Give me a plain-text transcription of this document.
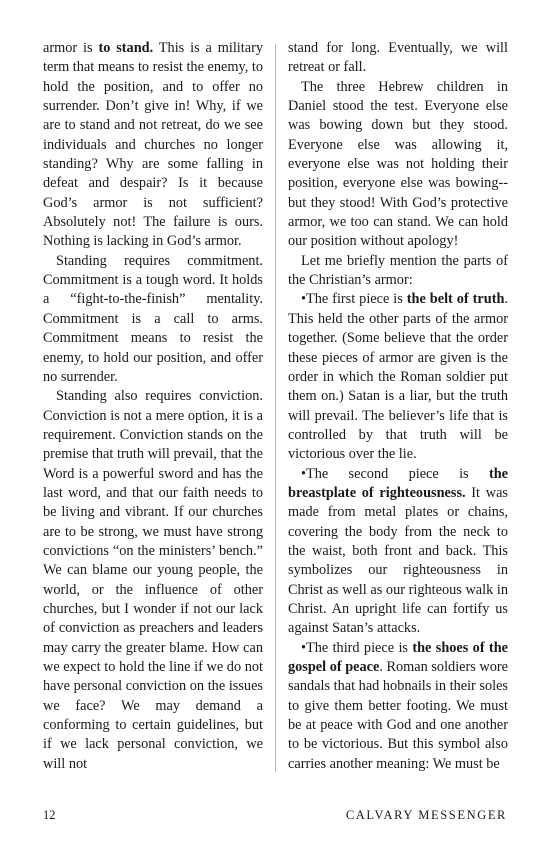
armor is to stand. This is a military term that means to resist the enemy, to hold the position, and to offer no surrender. Don’t give in! Why, if we are to stand and not retreat, do we see individuals and churches no longer standing? Why are some falling in defeat and despair? Is it because God’s armor is not sufficient? Absolutely not! The failure is ours. Nothing is lacking in God’s armor.

Standing requires commitment. Commitment is a tough word. It holds a “fight-to-the-finish” mentality. Commitment is a call to arms. Commitment means to resist the enemy, to hold our position, and offer no surrender.

Standing also requires conviction. Conviction is not a mere option, it is a requirement. Conviction stands on the premise that truth will prevail, that the Word is a powerful sword and has the last word, and that our faith needs to be living and vibrant. If our churches are to be strong, we must have strong convictions “on the ministers’ bench.” We can blame our young people, the world, or the influence of other churches, but I wonder if not our lack of conviction as preachers and leaders may carry the greater blame. How can we expect to hold the line if we do not have personal conviction on the issues we face? We may demand a conforming to certain guidelines, but if we lack personal conviction, we will not

stand for long. Eventually, we will retreat or fall.

The three Hebrew children in Daniel stood the test. Everyone else was bowing down but they stood. Everyone else was allowing it, everyone else was not holding their position, everyone else was bowing-- but they stood! With God’s protective armor, we too can stand. We can hold our position without apology!

Let me briefly mention the parts of the Christian’s armor:

•The first piece is the belt of truth. This held the other parts of the armor together. (Some believe that the order these pieces of armor are given is the order in which the Roman soldier put them on.) Satan is a liar, but the truth will prevail. The believer’s life that is controlled by that truth will be victorious over the lie.

•The second piece is the breastplate of righteousness. It was made from metal plates or chains, covering the body from the neck to the waist, both front and back. This symbolizes our righteousness in Christ as well as our righteous walk in Christ. An upright life can fortify us against Satan’s attacks.

•The third piece is the shoes of the gospel of peace. Roman soldiers wore sandals that had hobnails in their soles to give them better footing. We must be at peace with God and one another to be victorious. But this symbol also carries another meaning: We must be

12	CALVARY MESSENGER
